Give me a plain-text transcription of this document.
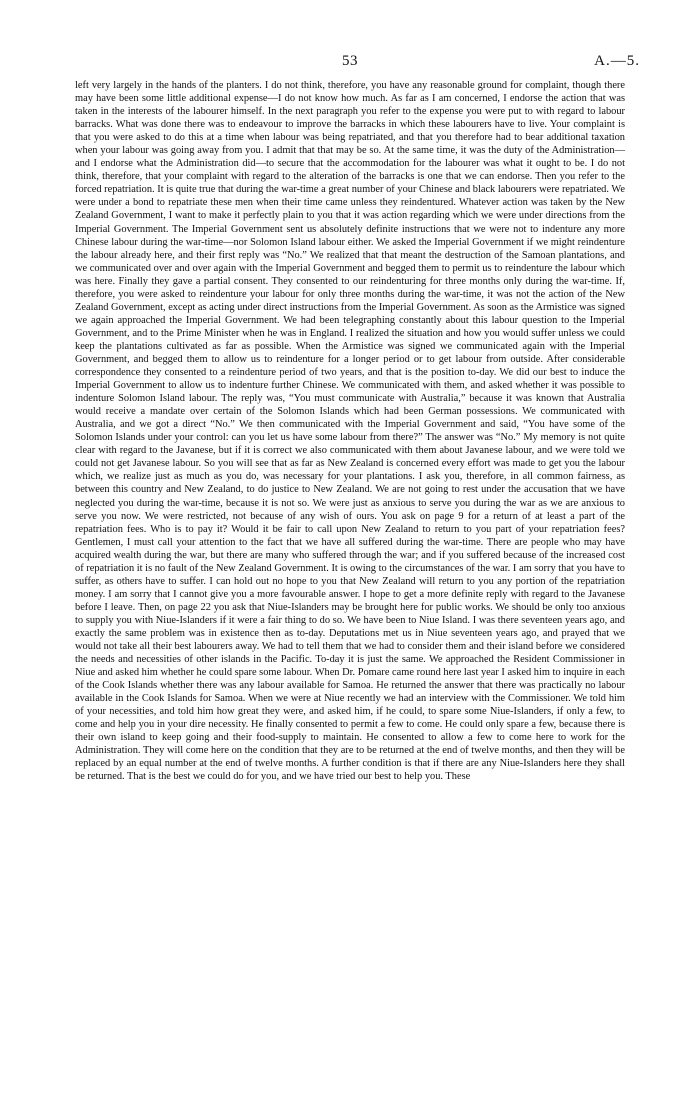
53	A.—5.
left very largely in the hands of the planters. I do not think, therefore, you have any reasonable ground for complaint, though there may have been some little additional expense—I do not know how much. As far as I am concerned, I endorse the action that was taken in the interests of the labourer himself. In the next paragraph you refer to the expense you were put to with regard to labour barracks. What was done there was to endeavour to improve the barracks in which these labourers have to live. Your complaint is that you were asked to do this at a time when labour was being repatriated, and that you therefore had to bear additional taxation when your labour was going away from you. I admit that that may be so. At the same time, it was the duty of the Administration—and I endorse what the Administration did—to secure that the accommodation for the labourer was what it ought to be. I do not think, therefore, that your complaint with regard to the alteration of the barracks is one that we can endorse. Then you refer to the forced repatriation. It is quite true that during the war-time a great number of your Chinese and black labourers were repatriated. We were under a bond to repatriate these men when their time came unless they reindentured. Whatever action was taken by the New Zealand Government, I want to make it perfectly plain to you that it was action regarding which we were under directions from the Imperial Government. The Imperial Government sent us absolutely definite instructions that we were not to indenture any more Chinese labour during the war-time—nor Solomon Island labour either. We asked the Imperial Government if we might reindenture the labour already here, and their first reply was “No.” We realized that that meant the destruction of the Samoan plantations, and we communicated over and over again with the Imperial Government and begged them to permit us to reindenture the labour which was here. Finally they gave a partial consent. They consented to our reindenturing for three months only during the war-time. If, therefore, you were asked to reindenture your labour for only three months during the war-time, it was not the action of the New Zealand Government, except as acting under direct instructions from the Imperial Government. As soon as the Armistice was signed we again approached the Imperial Government. We had been telegraphing constantly about this labour question to the Imperial Government, and to the Prime Minister when he was in England. I realized the situation and how you would suffer unless we could keep the plantations cultivated as far as possible. When the Armistice was signed we communicated again with the Imperial Government, and begged them to allow us to reindenture for a longer period or to get labour from outside. After considerable correspondence they consented to a reindenture period of two years, and that is the position to-day. We did our best to induce the Imperial Government to allow us to indenture further Chinese. We communicated with them, and asked whether it was possible to indenture Solomon Island labour. The reply was, “You must communicate with Australia,” because it was known that Australia would receive a mandate over certain of the Solomon Islands which had been German possessions. We communicated with Australia, and we got a direct “No.” We then communicated with the Imperial Government and said, “You have some of the Solomon Islands under your control: can you let us have some labour from there?” The answer was “No.” My memory is not quite clear with regard to the Javanese, but if it is correct we also communicated with them about Javanese labour, and we were told we could not get Javanese labour. So you will see that as far as New Zealand is concerned every effort was made to get you the labour which, we realize just as much as you do, was necessary for your plantations. I ask you, therefore, in all common fairness, as between this country and New Zealand, to do justice to New Zealand. We are not going to rest under the accusation that we have neglected you during the war-time, because it is not so. We were just as anxious to serve you during the war as we are anxious to serve you now. We were restricted, not because of any wish of ours. You ask on page 9 for a return of at least a part of the repatriation fees. Who is to pay it? Would it be fair to call upon New Zealand to return to you part of your repatriation fees? Gentlemen, I must call your attention to the fact that we have all suffered during the war-time. There are people who may have acquired wealth during the war, but there are many who suffered through the war; and if you suffered because of the increased cost of repatriation it is no fault of the New Zealand Government. It is owing to the circumstances of the war. I am sorry that you have to suffer, as others have to suffer. I can hold out no hope to you that New Zealand will return to you any portion of the repatriation money. I am sorry that I cannot give you a more favourable answer. I hope to get a more definite reply with regard to the Javanese before I leave. Then, on page 22 you ask that Niue-Islanders may be brought here for public works. We should be only too anxious to supply you with Niue-Islanders if it were a fair thing to do so. We have been to Niue Island. I was there seventeen years ago, and exactly the same problem was in existence then as to-day. Deputations met us in Niue seventeen years ago, and prayed that we would not take all their best labourers away. We had to tell them that we had to consider them and their island before we considered the needs and necessities of other islands in the Pacific. To-day it is just the same. We approached the Resident Commissioner in Niue and asked him whether he could spare some labour. When Dr. Pomare came round here last year I asked him to inquire in each of the Cook Islands whether there was any labour available for Samoa. He returned the answer that there was practically no labour available in the Cook Islands for Samoa. When we were at Niue recently we had an interview with the Commissioner. We told him of your necessities, and told him how great they were, and asked him, if he could, to spare some Niue-Islanders, if only a few, to come and help you in your dire necessity. He finally consented to permit a few to come. He could only spare a few, because there is their own island to keep going and their food-supply to maintain. He consented to allow a few to come here to work for the Administration. They will come here on the condition that they are to be returned at the end of twelve months, and then they will be replaced by an equal number at the end of twelve months. A further condition is that if there are any Niue-Islanders here they shall be returned. That is the best we could do for you, and we have tried our best to help you. These
